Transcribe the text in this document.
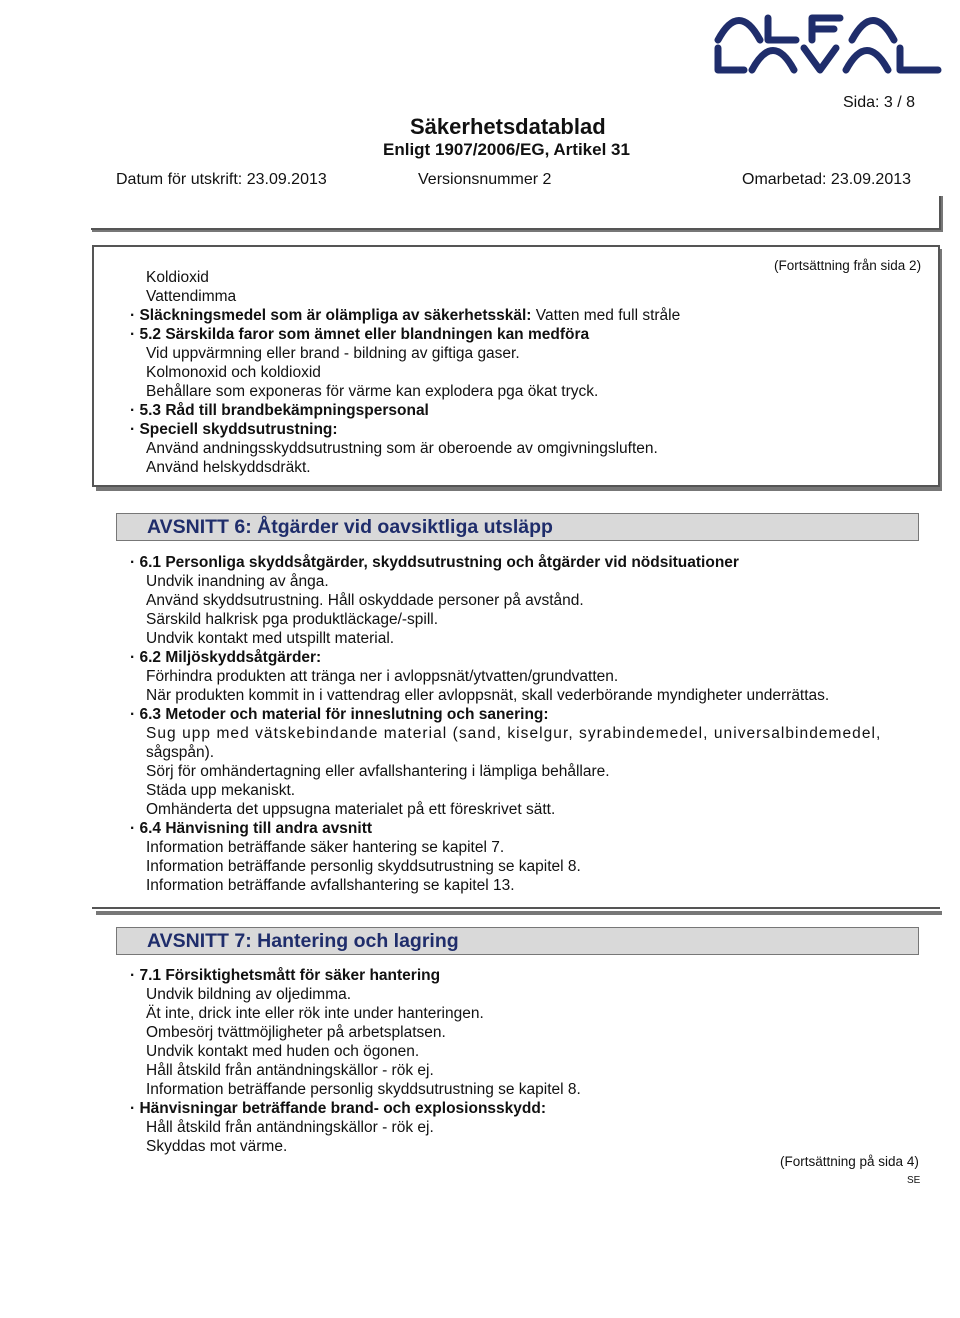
Säkerhetsdatablad
Sida: 3 / 8
Enligt 1907/2006/EG, Artikel 31
Datum för utskrift: 23.09.2013	Versionsnummer 2	Omarbetad: 23.09.2013
(Fortsättning från sida 2)
Koldioxid
Vattendimma
· Släckningsmedel som är olämpliga av säkerhetsskäl: Vatten med full stråle
· 5.2 Särskilda faror som ämnet eller blandningen kan medföra
Vid uppvärmning eller brand - bildning av giftiga gaser.
Kolmonoxid och koldioxid
Behållare som exponeras för värme kan explodera pga ökat tryck.
· 5.3 Råd till brandbekämpningspersonal
· Speciell skyddsutrustning:
Använd andningsskyddsutrustning som är oberoende av omgivningsluften.
Använd helskyddsdräkt.
AVSNITT 6: Åtgärder vid oavsiktliga utsläpp
· 6.1 Personliga skyddsåtgärder, skyddsutrustning och åtgärder vid nödsituationer
Undvik inandning av ånga.
Använd skyddsutrustning. Håll oskyddade personer på avstånd.
Särskild halkrisk pga produktläckage/-spill.
Undvik kontakt med utspillt material.
· 6.2 Miljöskyddsåtgärder:
Förhindra produkten att tränga ner i avloppsnät/ytvatten/grundvatten.
När produkten kommit in i vattendrag eller avloppsnät, skall vederbörande myndigheter underrättas.
· 6.3 Metoder och material för inneslutning och sanering:
Sug upp med vätskebindande material (sand, kiselgur, syrabindemedel, universalbindemedel,
sågspån).
Sörj för omhändertagning eller avfallshantering i lämpliga behållare.
Städa upp mekaniskt.
Omhänderta det uppsugna materialet på ett föreskrivet sätt.
· 6.4 Hänvisning till andra avsnitt
Information beträffande säker hantering se kapitel 7.
Information beträffande personlig skyddsutrustning se kapitel 8.
Information beträffande avfallshantering se kapitel 13.
AVSNITT 7: Hantering och lagring
· 7.1 Försiktighetsmått för säker hantering
Undvik bildning av oljedimma.
Ät inte, drick inte eller rök inte under hanteringen.
Ombesörj tvättmöjligheter på arbetsplatsen.
Undvik kontakt med huden och ögonen.
Håll åtskild från antändningskällor - rök ej.
Information beträffande personlig skyddsutrustning se kapitel 8.
· Hänvisningar beträffande brand- och explosionsskydd:
Håll åtskild från antändningskällor - rök ej.
Skyddas mot värme.
(Fortsättning på sida 4)
SE
